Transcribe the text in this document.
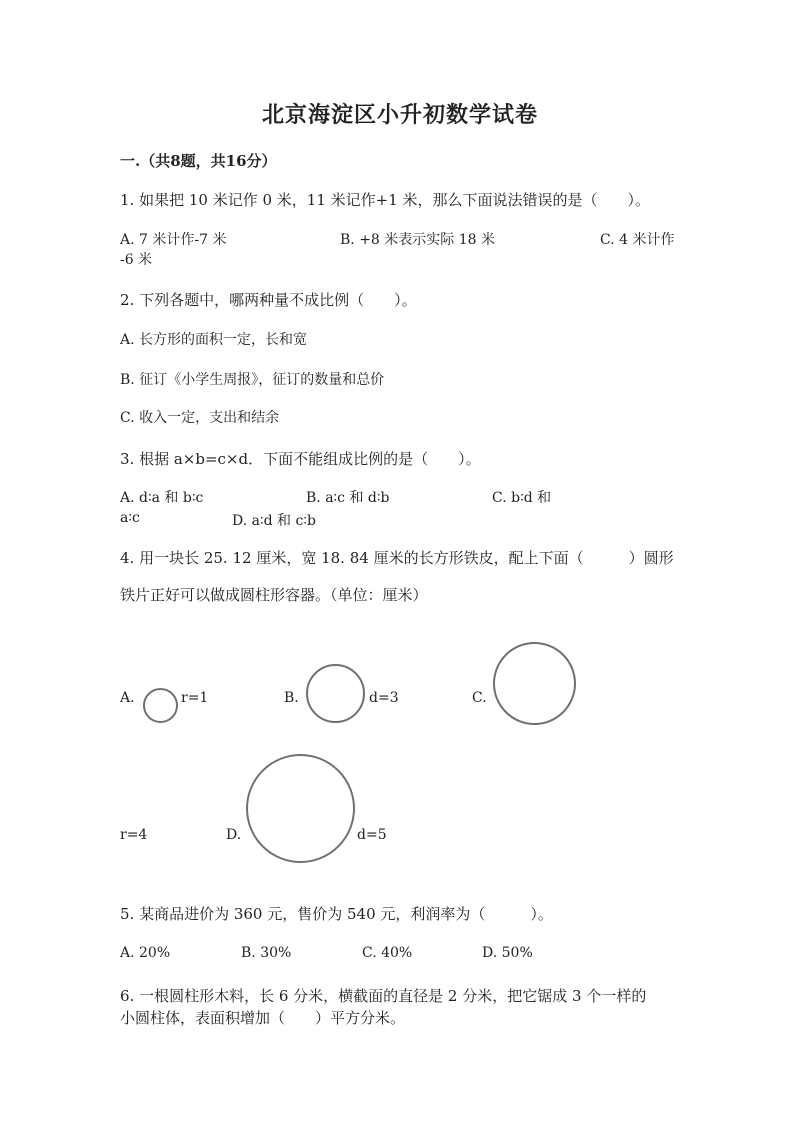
北京海淀区小升初数学试卷
一.（共8题，共16分）
1. 如果把 10 米记作 0 米，11 米记作+1 米，那么下面说法错误的是（　　）。
A. 7 米计作-7 米	B. +8 米表示实际 18 米	C. 4 米计作
-6 米
2. 下列各题中，哪两种量不成比例（　　）。
A. 长方形的面积一定，长和宽
B. 征订《小学生周报》，征订的数量和总价
C. 收入一定，支出和结余
3. 根据 a×b=c×d．下面不能组成比例的是（　　）。
A. d∶a 和 b∶c	B. a∶c 和 d∶b	C. b∶d 和
a∶c	D. a∶d 和 c∶b
4. 用一块长 25. 12 厘米，宽 18. 84 厘米的长方形铁皮，配上下面（　　　）圆形
铁片正好可以做成圆柱形容器。（单位：厘米）
A.	r=1	B.	d=3	C.
r=4	D.	d=5
5. 某商品进价为 360 元，售价为 540 元，利润率为（　　　）。
A. 20%	B. 30%	C. 40%	D. 50%
6. 一根圆柱形木料，长 6 分米，横截面的直径是 2 分米，把它锯成 3 个一样的
小圆柱体，表面积增加（　　）平方分米。
